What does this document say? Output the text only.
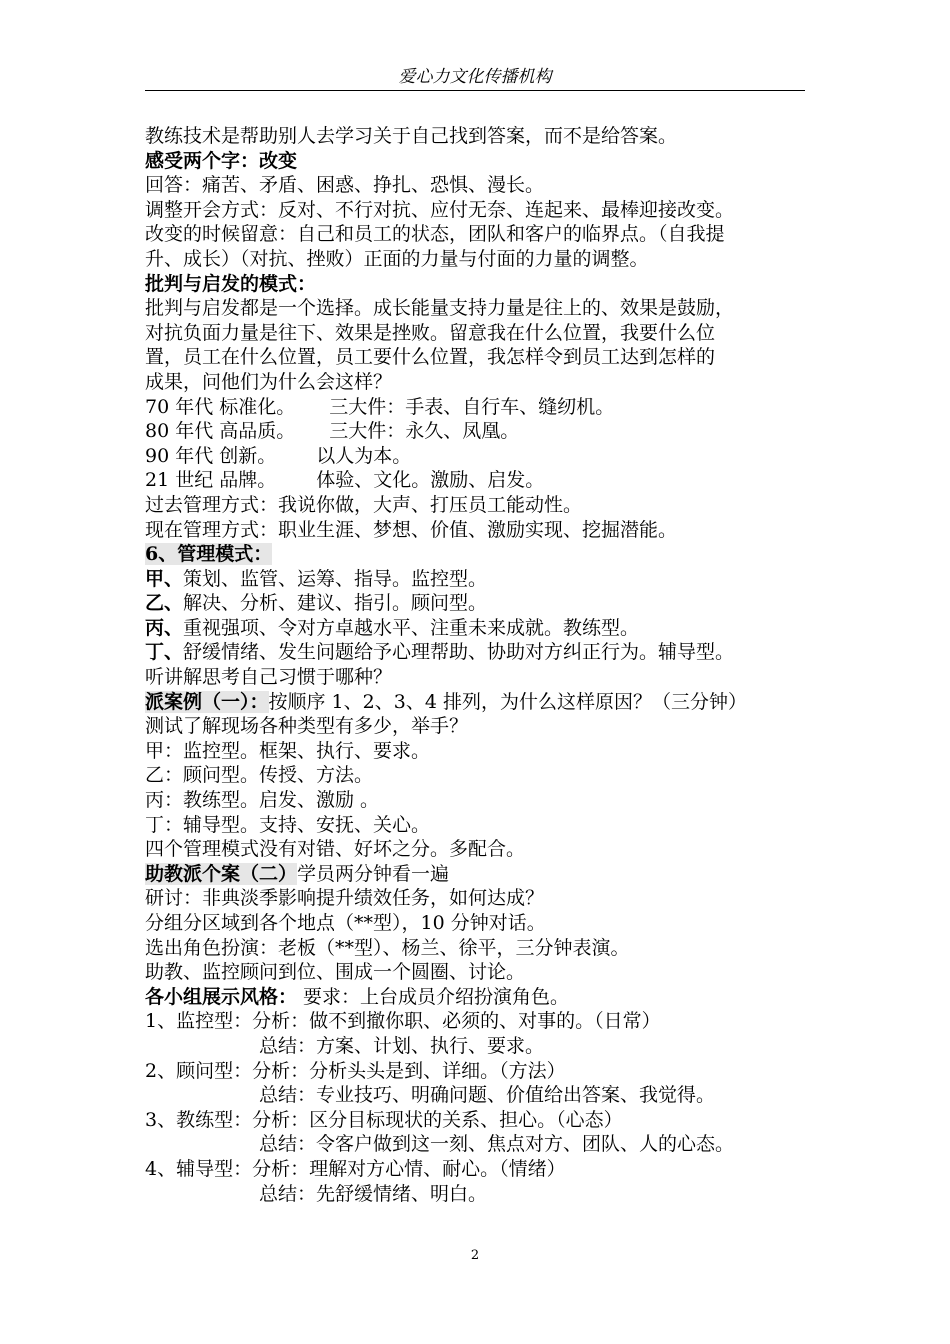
爱心力文化传播机构
教练技术是帮助别人去学习关于自己找到答案，而不是给答案。
感受两个字：改变
回答：痛苦、矛盾、困惑、挣扎、恐惧、漫长。
调整开会方式：反对、不行对抗、应付无奈、连起来、最棒迎接改变。
改变的时候留意：自己和员工的状态，团队和客户的临界点。（自我提
升、成长）（对抗、挫败）正面的力量与付面的力量的调整。
批判与启发的模式：
批判与启发都是一个选择。成长能量支持力量是往上的、效果是鼓励，
对抗负面力量是往下、效果是挫败。留意我在什么位置，我要什么位
置，员工在什么位置，员工要什么位置，我怎样令到员工达到怎样的
成果，问他们为什么会这样？
70 年代 标准化。 三大件：手表、自行车、缝纫机。
80 年代 高品质。 三大件：永久、凤凰。
90 年代 创新。 以人为本。
21 世纪 品牌。 体验、文化。激励、启发。
过去管理方式：我说你做，大声、打压员工能动性。
现在管理方式：职业生涯、梦想、价值、激励实现、挖掘潜能。
6、管理模式：
甲、策划、监管、运筹、指导。监控型。
乙、解决、分析、建议、指引。顾问型。
丙、重视强项、令对方卓越水平、注重未来成就。教练型。
丁、舒缓情绪、发生问题给予心理帮助、协助对方纠正行为。辅导型。
听讲解思考自己习惯于哪种？
派案例（一）：按顺序 1、2、3、4 排列，为什么这样原因？（三分钟）
测试了解现场各种类型有多少，举手？
甲：监控型。框架、执行、要求。
乙：顾问型。传授、方法。
丙：教练型。启发、激励 。
丁：辅导型。支持、安抚、关心。
四个管理模式没有对错、好坏之分。多配合。
助教派个案（二）学员两分钟看一遍
研讨：非典淡季影响提升绩效任务，如何达成？
分组分区域到各个地点（**型），10 分钟对话。
选出角色扮演：老板（**型）、杨兰、徐平，三分钟表演。
助教、监控顾问到位、围成一个圆圈、讨论。
各小组展示风格： 要求：上台成员介绍扮演角色。
1、监控型：分析：做不到撤你职、必须的、对事的。（日常）
总结：方案、计划、执行、要求。
2、顾问型：分析：分析头头是到、详细。（方法）
总结：专业技巧、明确问题、价值给出答案、我觉得。
3、教练型：分析：区分目标现状的关系、担心。（心态）
总结：令客户做到这一刻、焦点对方、团队、人的心态。
4、辅导型：分析：理解对方心情、耐心。（情绪）
总结：先舒缓情绪、明白。
2
